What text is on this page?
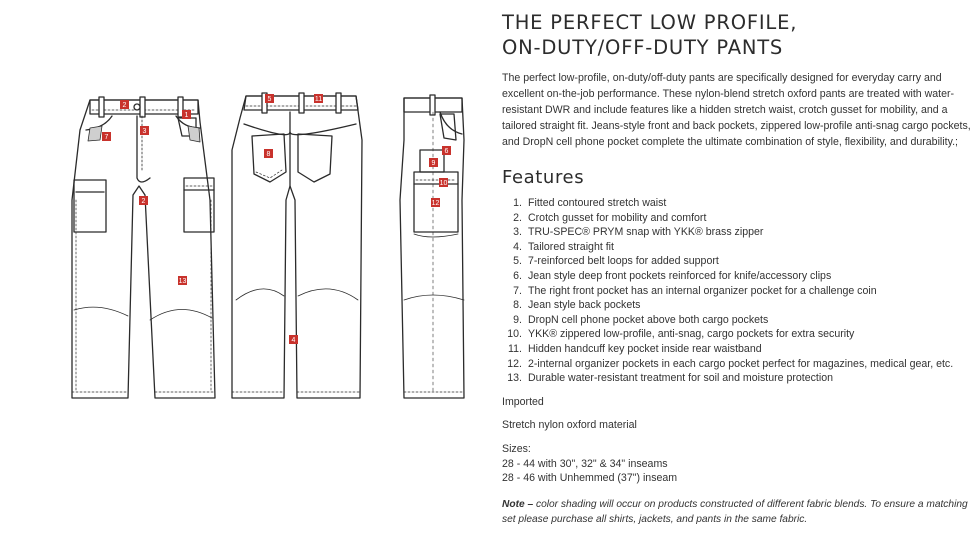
2
1
7
3
2
13
5	11
8
4
6
9
10
12
THE PERFECT LOW PROFILE,
ON-DUTY/OFF-DUTY PANTS

The perfect low-profile, on-duty/off-duty pants are specifically designed for everyday carry and excellent on-the-job performance. These nylon-blend stretch oxford pants are treated with water-resistant DWR and include features like a hidden stretch waist, crotch gusset for mobility, and a tailored straight fit. Jeans-style front and back pockets, zippered low-profile anti-snag cargo pockets, and DropN cell phone pocket complete the ultimate combination of style, flexibility, and durability.;

Features
1. Fitted contoured stretch waist
2. Crotch gusset for mobility and comfort
3. TRU-SPEC® PRYM snap with YKK® brass zipper
4. Tailored straight fit
5. 7-reinforced belt loops for added support
6. Jean style deep front pockets reinforced for knife/accessory clips
7. The right front pocket has an internal organizer pocket for a challenge coin
8. Jean style back pockets
9. DropN cell phone pocket above both cargo pockets
10. YKK® zippered low-profile, anti-snag, cargo pockets for extra security
11. Hidden handcuff key pocket inside rear waistband
12. 2-internal organizer pockets in each cargo pocket perfect for magazines, medical gear, etc.
13. Durable water-resistant treatment for soil and moisture protection

Imported

Stretch nylon oxford material

Sizes:
28 - 44 with 30", 32" & 34" inseams
28 - 46 with Unhemmed (37") inseam

Note – color shading will occur on products constructed of different fabric blends. To ensure a matching set please purchase all shirts, jackets, and pants in the same fabric.
